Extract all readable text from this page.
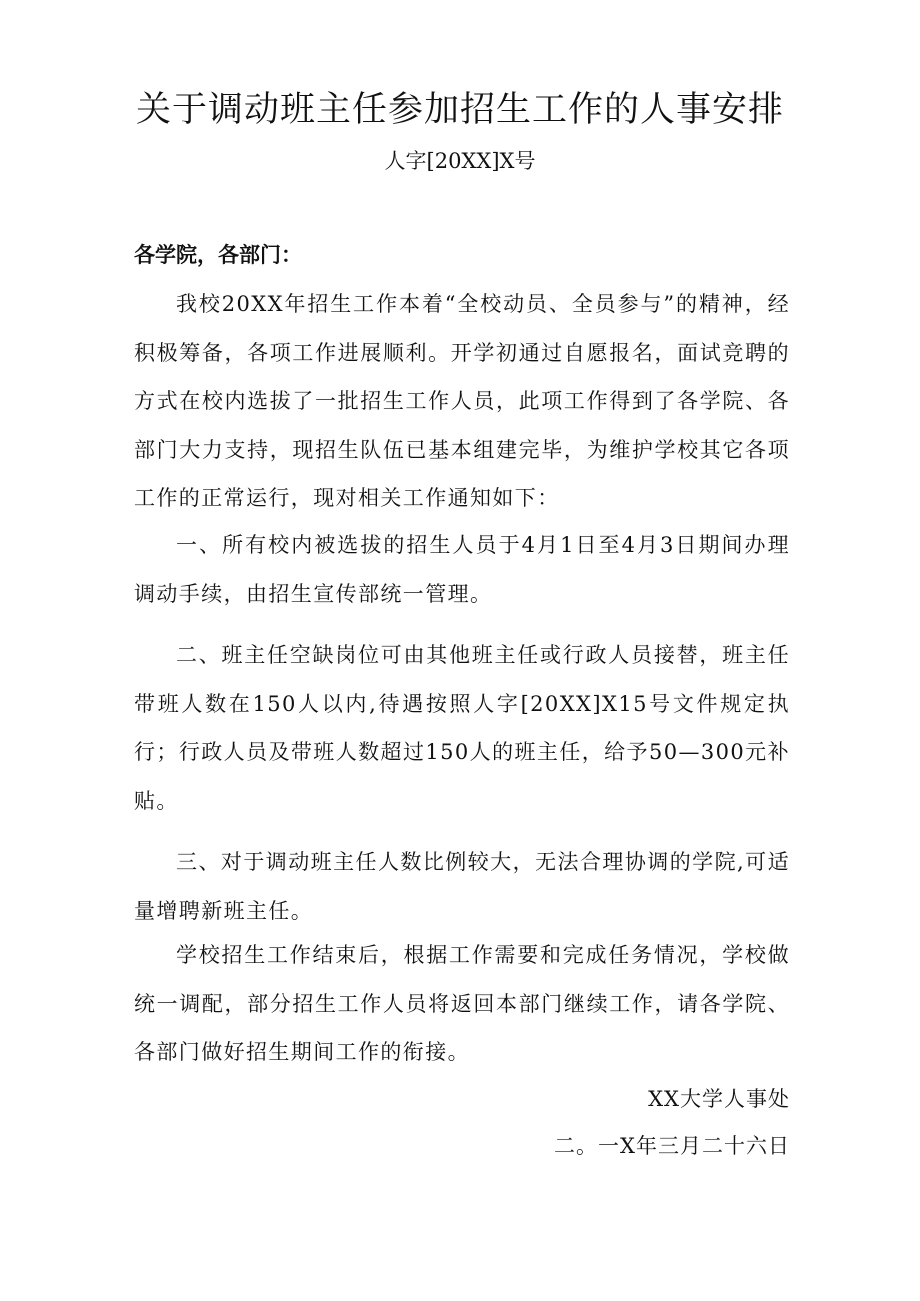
关于调动班主任参加招生工作的人事安排
人字[20XX]X号
各学院，各部门：

我校20XX年招生工作本着“全校动员、全员参与”的精神，经积极筹备，各项工作进展顺利。开学初通过自愿报名，面试竞聘的方式在校内选拔了一批招生工作人员，此项工作得到了各学院、各部门大力支持，现招生队伍已基本组建完毕，为维护学校其它各项工作的正常运行，现对相关工作通知如下：

一、所有校内被选拔的招生人员于4月1日至4月3日期间办理调动手续，由招生宣传部统一管理。

二、班主任空缺岗位可由其他班主任或行政人员接替，班主任带班人数在150人以内,待遇按照人字[20XX]X15号文件规定执行；行政人员及带班人数超过150人的班主任，给予50—300元补贴。

三、对于调动班主任人数比例较大，无法合理协调的学院,可适量增聘新班主任。

学校招生工作结束后，根据工作需要和完成任务情况，学校做统一调配，部分招生工作人员将返回本部门继续工作，请各学院、各部门做好招生期间工作的衔接。

XX大学人事处
二。一X年三月二十六日
